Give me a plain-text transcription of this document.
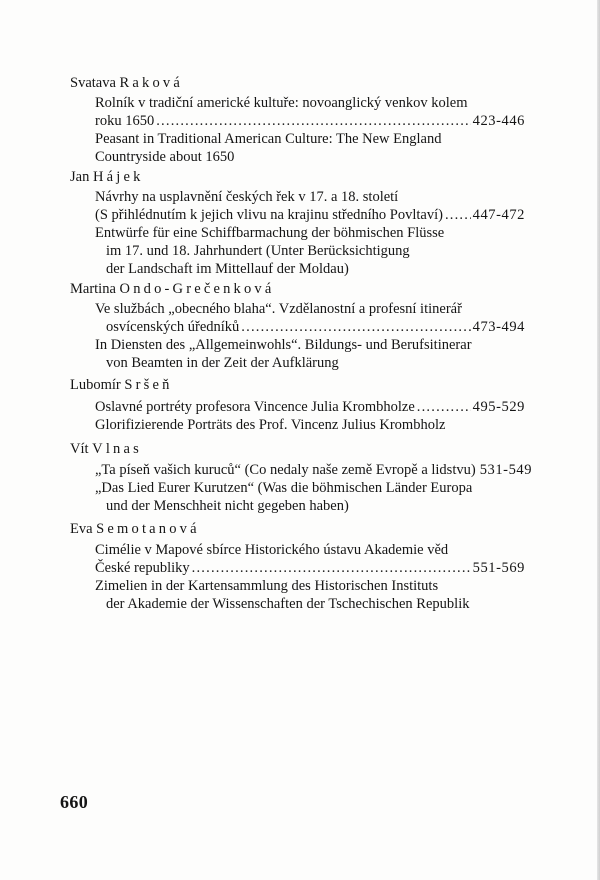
Svatava Raková
Rolník v tradiční americké kultuře: novoanglický venkov kolem
roku 1650 .....	423-446
Peasant in Traditional American Culture: The New England
Countryside about 1650
Jan Hájek
Návrhy na usplavnění českých řek v 17. a 18. století
(S přihlédnutím k jejich vlivu na krajinu středního Povltaví) ..... 447-472
Entwürfe für eine Schiffbarmachung der böhmischen Flüsse
im 17. und 18. Jahrhundert (Unter Berücksichtigung
der Landschaft im Mittellauf der Moldau)
Martina Ondo-Grečenková
Ve službách „obecného blaha“. Vzdělanostní a profesní itinerář
osvícenských úředníků .....	473-494
In Diensten des „Allgemeinwohls“. Bildungs- und Berufsitinerar
von Beamten in der Zeit der Aufklärung
Lubomír Sršeň
Oslavné portréty profesora Vincence Julia Krombholze .....	495-529
Glorifizierende Porträts des Prof. Vincenz Julius Krombholz
Vít Vlnas
„Ta píseň vašich kuruců“ (Co nedaly naše země Evropě a lidstvu) 531-549
„Das Lied Eurer Kurutzen“ (Was die böhmischen Länder Europa
und der Menschheit nicht gegeben haben)
Eva Semotanová
Cimélie v Mapové sbírce Historického ústavu Akademie věd
České republiky .....	551-569
Zimelien in der Kartensammlung des Historischen Instituts
der Akademie der Wissenschaften der Tschechischen Republik
660
